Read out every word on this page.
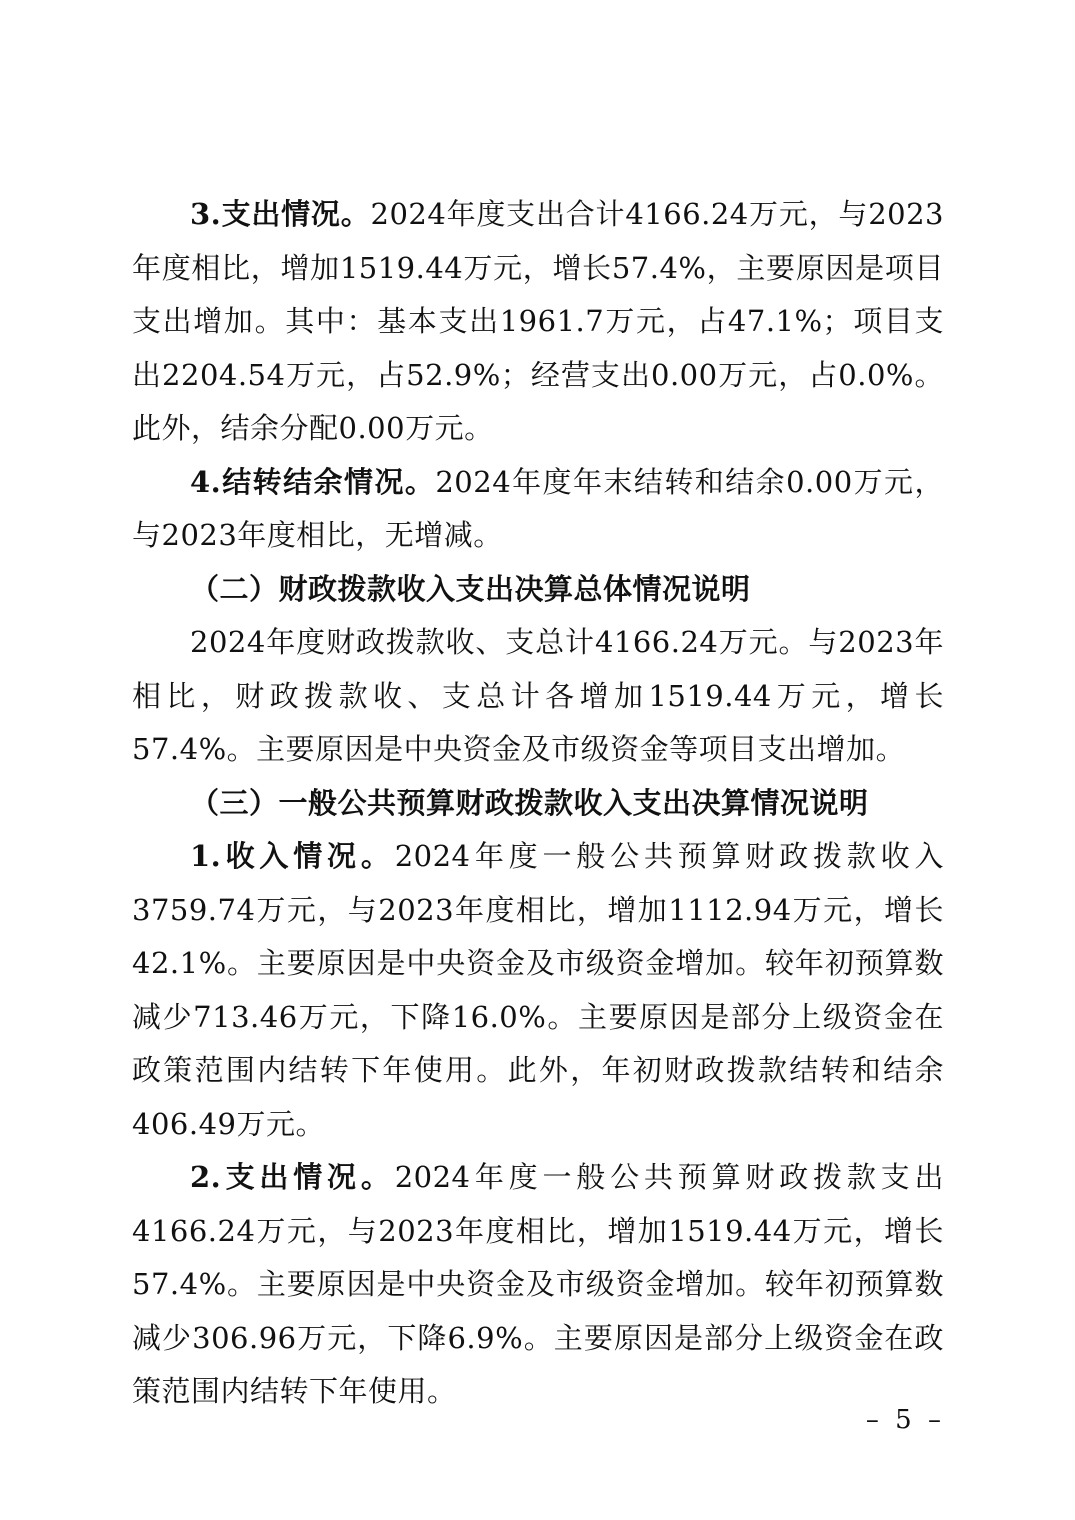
3.支出情况。2024年度支出合计4166.24万元，与2023年度相比，增加1519.44万元，增长57.4%，主要原因是项目支出增加。其中：基本支出1961.7万元，占47.1%；项目支出2204.54万元，占52.9%；经营支出0.00万元，占0.0%。此外，结余分配0.00万元。

4.结转结余情况。2024年度年末结转和结余0.00万元，与2023年度相比，无增减。

（二）财政拨款收入支出决算总体情况说明

2024年度财政拨款收、支总计4166.24万元。与2023年相比，财政拨款收、支总计各增加1519.44万元，增长57.4%。主要原因是中央资金及市级资金等项目支出增加。

（三）一般公共预算财政拨款收入支出决算情况说明

1.收入情况。2024年度一般公共预算财政拨款收入3759.74万元，与2023年度相比，增加1112.94万元，增长42.1%。主要原因是中央资金及市级资金增加。较年初预算数减少713.46万元，下降16.0%。主要原因是部分上级资金在政策范围内结转下年使用。此外，年初财政拨款结转和结余406.49万元。

2.支出情况。2024年度一般公共预算财政拨款支出4166.24万元，与2023年度相比，增加1519.44万元，增长57.4%。主要原因是中央资金及市级资金增加。较年初预算数减少306.96万元，下降6.9%。主要原因是部分上级资金在政策范围内结转下年使用。

– 5 –
